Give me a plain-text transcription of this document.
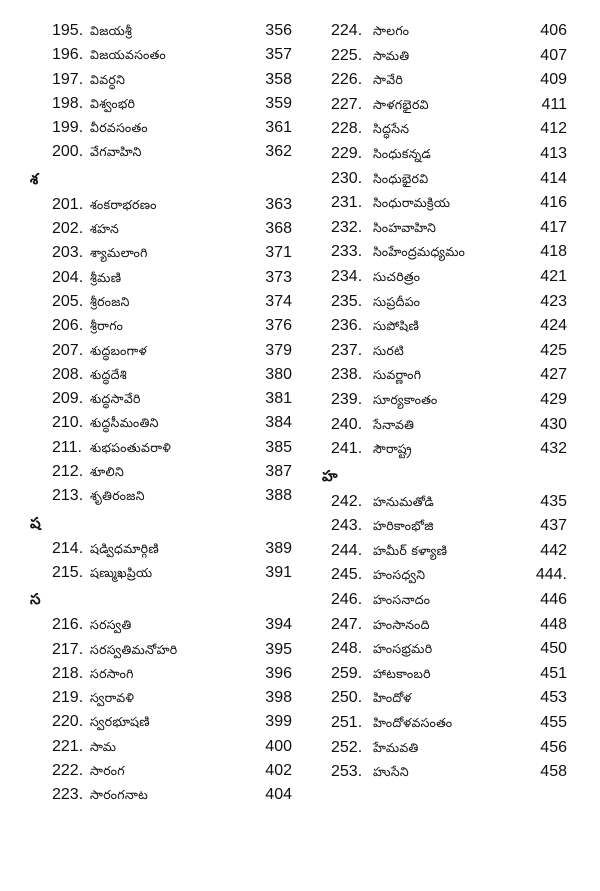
195. విజయశ్రీ	356
196. విజయవసంతం	357
197. వివర్ధని	358
198. విశ్వంభరి	359
199. వీరవసంతం	361
200. వేగవాహిని	362
శ
201. శంకరాభరణం	363
202. శహన	368
203. శ్యామలాంగి	371
204. శ్రీమణి	373
205. శ్రీరంజని	374
206. శ్రీరాగం	376
207. శుద్ధబంగాళ	379
208. శుద్ధదేశి	380
209. శుద్ధసావేరి	381
210. శుద్ధసీమంతిని	384
211. శుభపంతువరాళి	385
212. శూలిని	387
213. శృతిరంజని	388
ష
214. షడ్విధమార్గిణి	389
215. షణ్ముఖప్రియ	391
స
216. సరస్వతి	394
217. సరస్వతిమనోహరి	395
218. సరసాంగి	396
219. స్వరావళి	398
220. స్వరభూషణి	399
221. సామ	400
222. సారంగ	402
223. సారంగనాట	404
224. సాలగం	406
225. సామతి	407
226. సావేరి	409
227. సాళగభైరవి	411
228. సిద్ధసేన	412
229. సింధుకన్నడ	413
230. సింధుభైరవి	414
231. సింధురామక్రియ	416
232. సింహవాహిని	417
233. సింహేంద్రమధ్యమం	418
234. సుచరిత్రం	421
235. సుప్రదీపం	423
236. సుపోషిణి	424
237. సురటి	425
238. సువర్ణాంగి	427
239. సూర్యకాంతం	429
240. సేనావతి	430
241. సౌరాష్ట్ర	432
హ
242. హనుమతోడి	435
243. హరికాంభోజి	437
244. హమీర్ కళ్యాణి	442
245. హంసధ్వని	444.
246. హంసనాదం	446
247. హంసానంది	448
248. హంసభ్రమరి	450
259. హాటకాంబరి	451
250. హిందోళ	453
251. హిందోళవసంతం	455
252. హేమవతి	456
253. హుసేని	458
